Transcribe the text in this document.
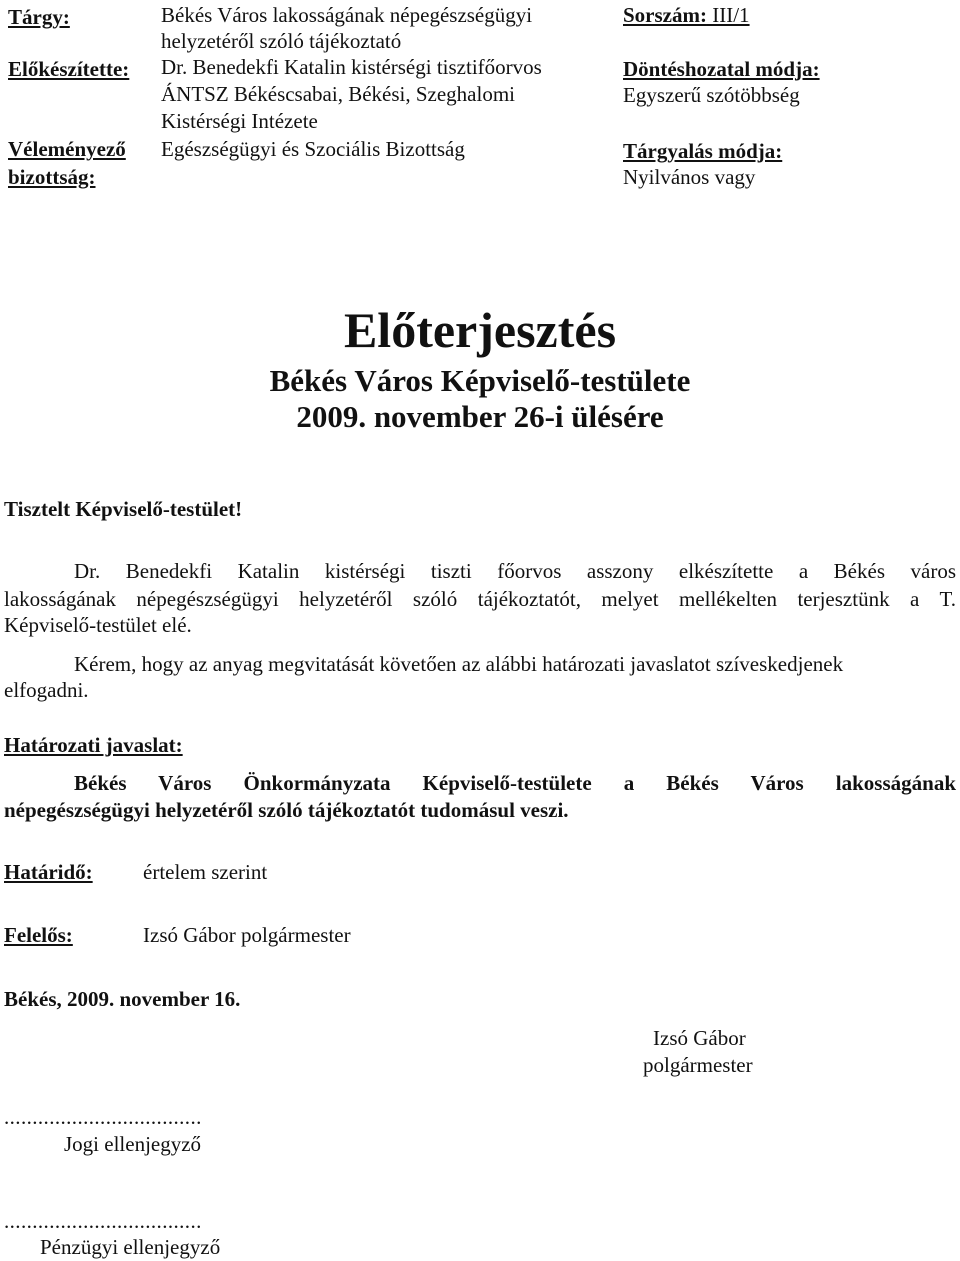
Tárgy:	Békés Város lakosságának népegészségügyi
helyzetéről szóló tájékoztató
Előkészítette: Dr. Benedekfi Katalin kistérségi tisztifőorvos
ÁNTSZ Békéscsabai, Békési, Szeghalomi
Kistérségi Intézete
Véleményező
bizottság:
Egészségügyi és Szociális Bizottság
Sorszám: III/1
Döntéshozatal módja:
Egyszerű szótöbbség
Tárgyalás módja:
Nyilvános vagy
Előterjesztés
Békés Város Képviselő-testülete
2009. november 26-i ülésére
Tisztelt Képviselő-testület!
Dr. Benedekfi Katalin kistérségi tiszti főorvos asszony elkészítette a Békés város
lakosságának népegészségügyi helyzetéről szóló tájékoztatót, melyet mellékelten terjesztünk a T.
Képviselő-testület elé.
Kérem, hogy az anyag megvitatását követően az alábbi határozati javaslatot szíveskedjenek
elfogadni.
Határozati javaslat:
Békés Város Önkormányzata Képviselő-testülete a Békés Város lakosságának
népegészségügyi helyzetéről szóló tájékoztatót tudomásul veszi.
Határidő: értelem szerint
Felelős:	Izsó Gábor polgármester
Békés, 2009. november 16.
Izsó Gábor
polgármester
...................................
Jogi ellenjegyző
...................................
Pénzügyi ellenjegyző
